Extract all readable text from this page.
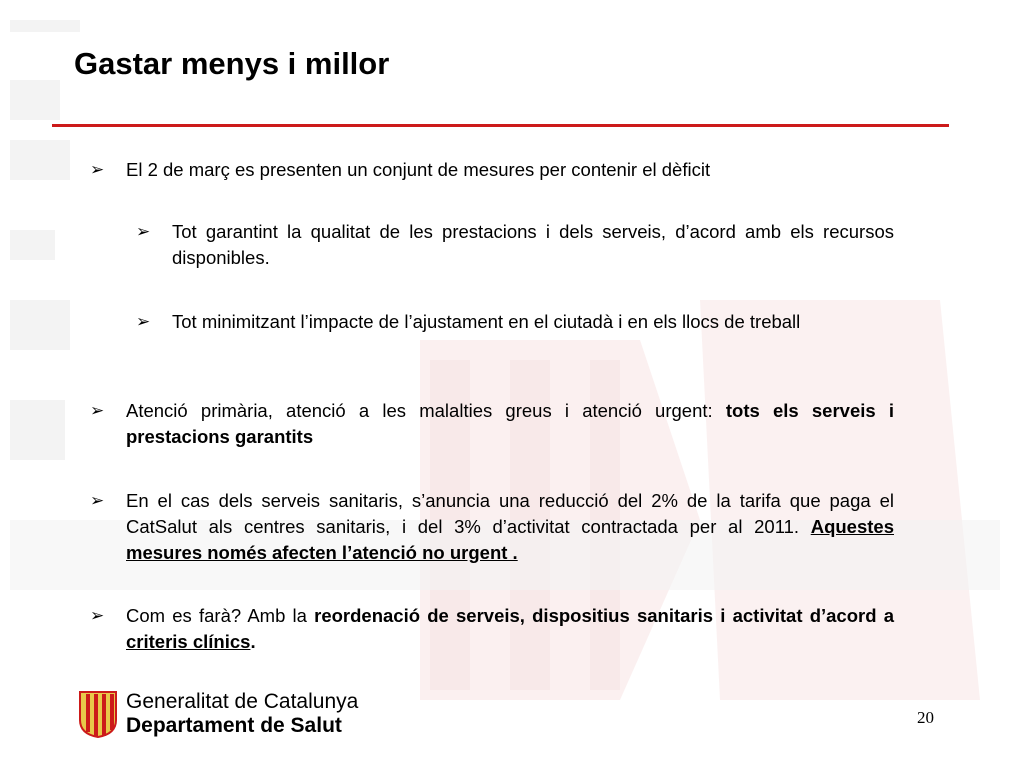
Gastar menys i millor

➢ El 2 de març es presenten un conjunt de mesures per contenir el dèficit

➢ Tot garantint la qualitat de les prestacions i dels serveis, d’acord amb els recursos disponibles.

➢ Tot minimitzant l’impacte de l’ajustament en el ciutadà i en els llocs de treball

➢ Atenció primària, atenció a les malalties greus i atenció urgent: tots els serveis i prestacions garantits

➢ En el cas dels serveis sanitaris, s’anuncia una reducció del 2% de la tarifa que paga el CatSalut als centres sanitaris, i del 3% d’activitat contractada per al 2011. Aquestes mesures només afecten l’atenció no urgent .

➢ Com es farà? Amb la reordenació de serveis, dispositius sanitaris i activitat d’acord a criteris clínics.

Generalitat de Catalunya
Departament de Salut	20
